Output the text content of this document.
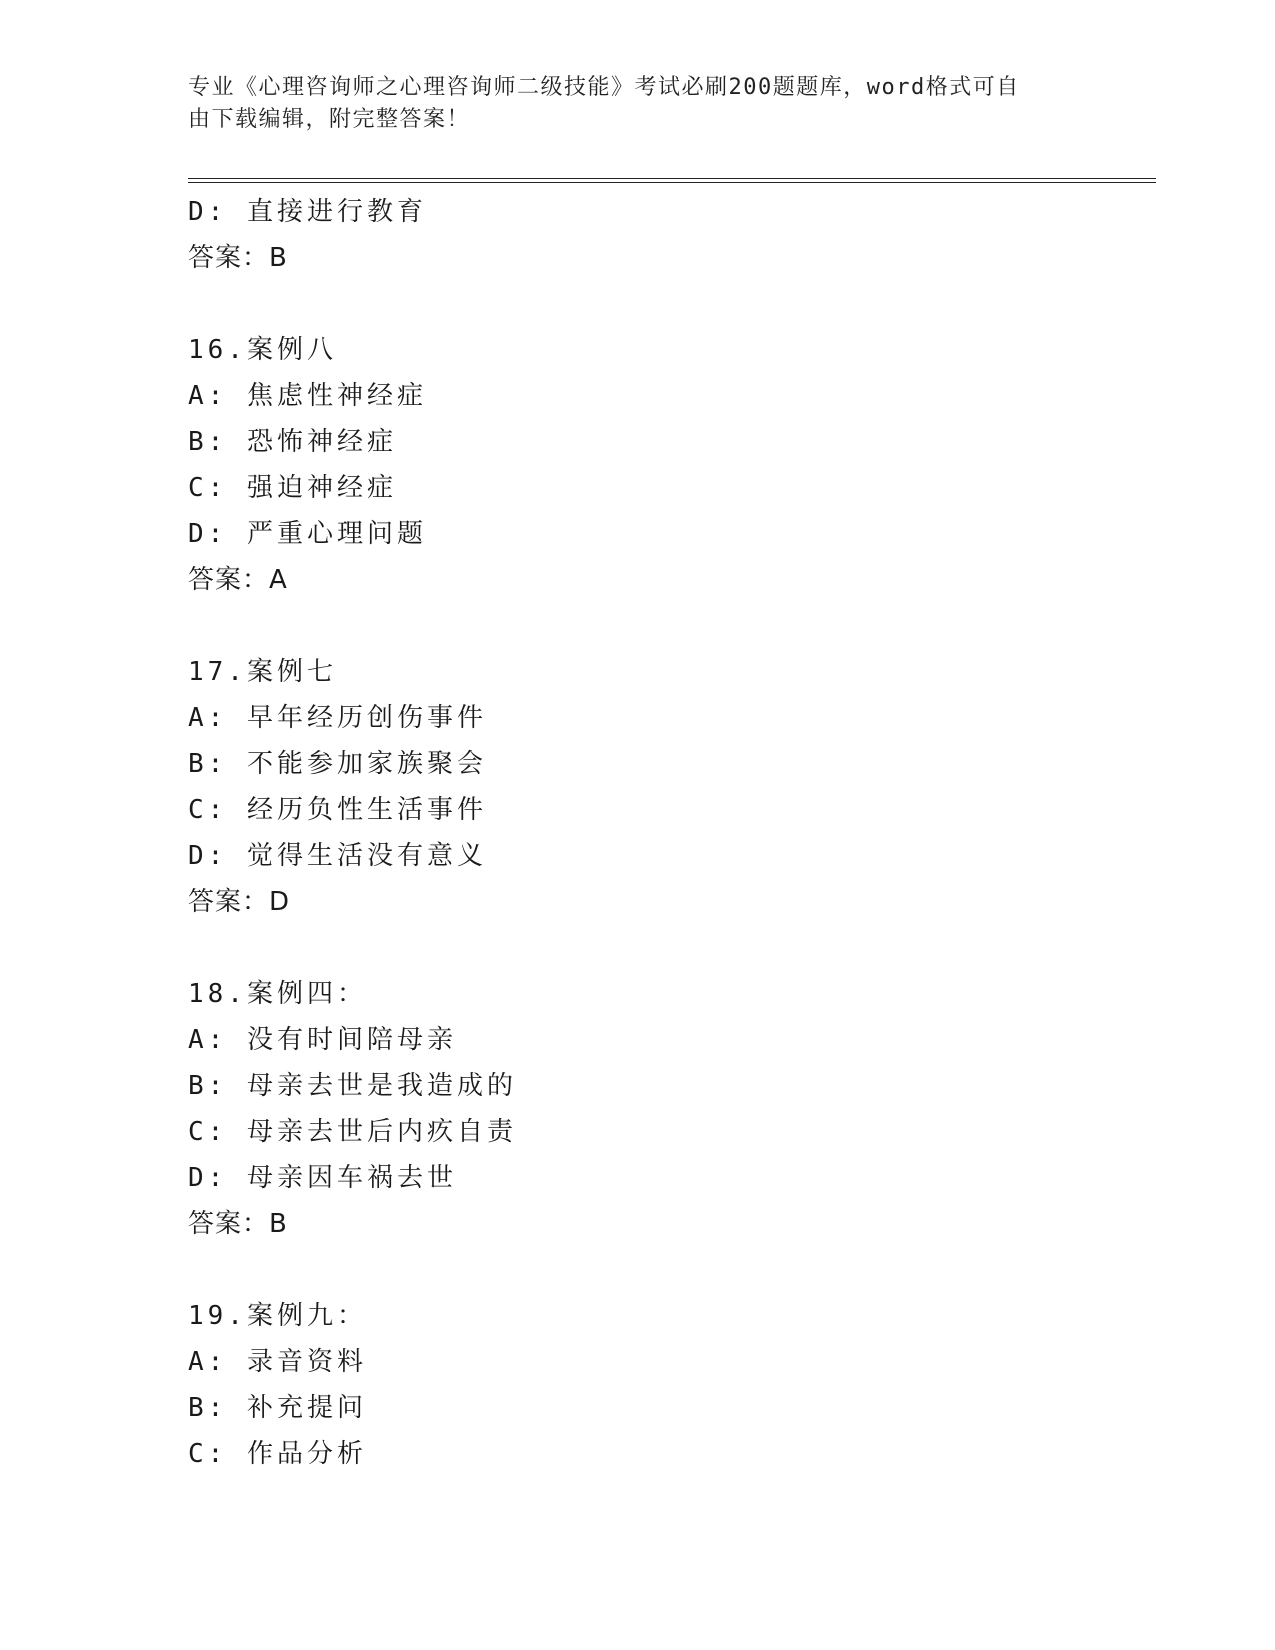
专业《心理咨询师之心理咨询师二级技能》考试必刷200题题库，word格式可自
由下载编辑，附完整答案！
D: 直接进行教育
答案：B
16.案例八
A: 焦虑性神经症
B: 恐怖神经症
C: 强迫神经症
D: 严重心理问题
答案：A
17.案例七
A: 早年经历创伤事件
B: 不能参加家族聚会
C: 经历负性生活事件
D: 觉得生活没有意义
答案：D
18.案例四：
A: 没有时间陪母亲
B: 母亲去世是我造成的
C: 母亲去世后内疚自责
D: 母亲因车祸去世
答案：B
19.案例九：
A: 录音资料
B: 补充提问
C: 作品分析
